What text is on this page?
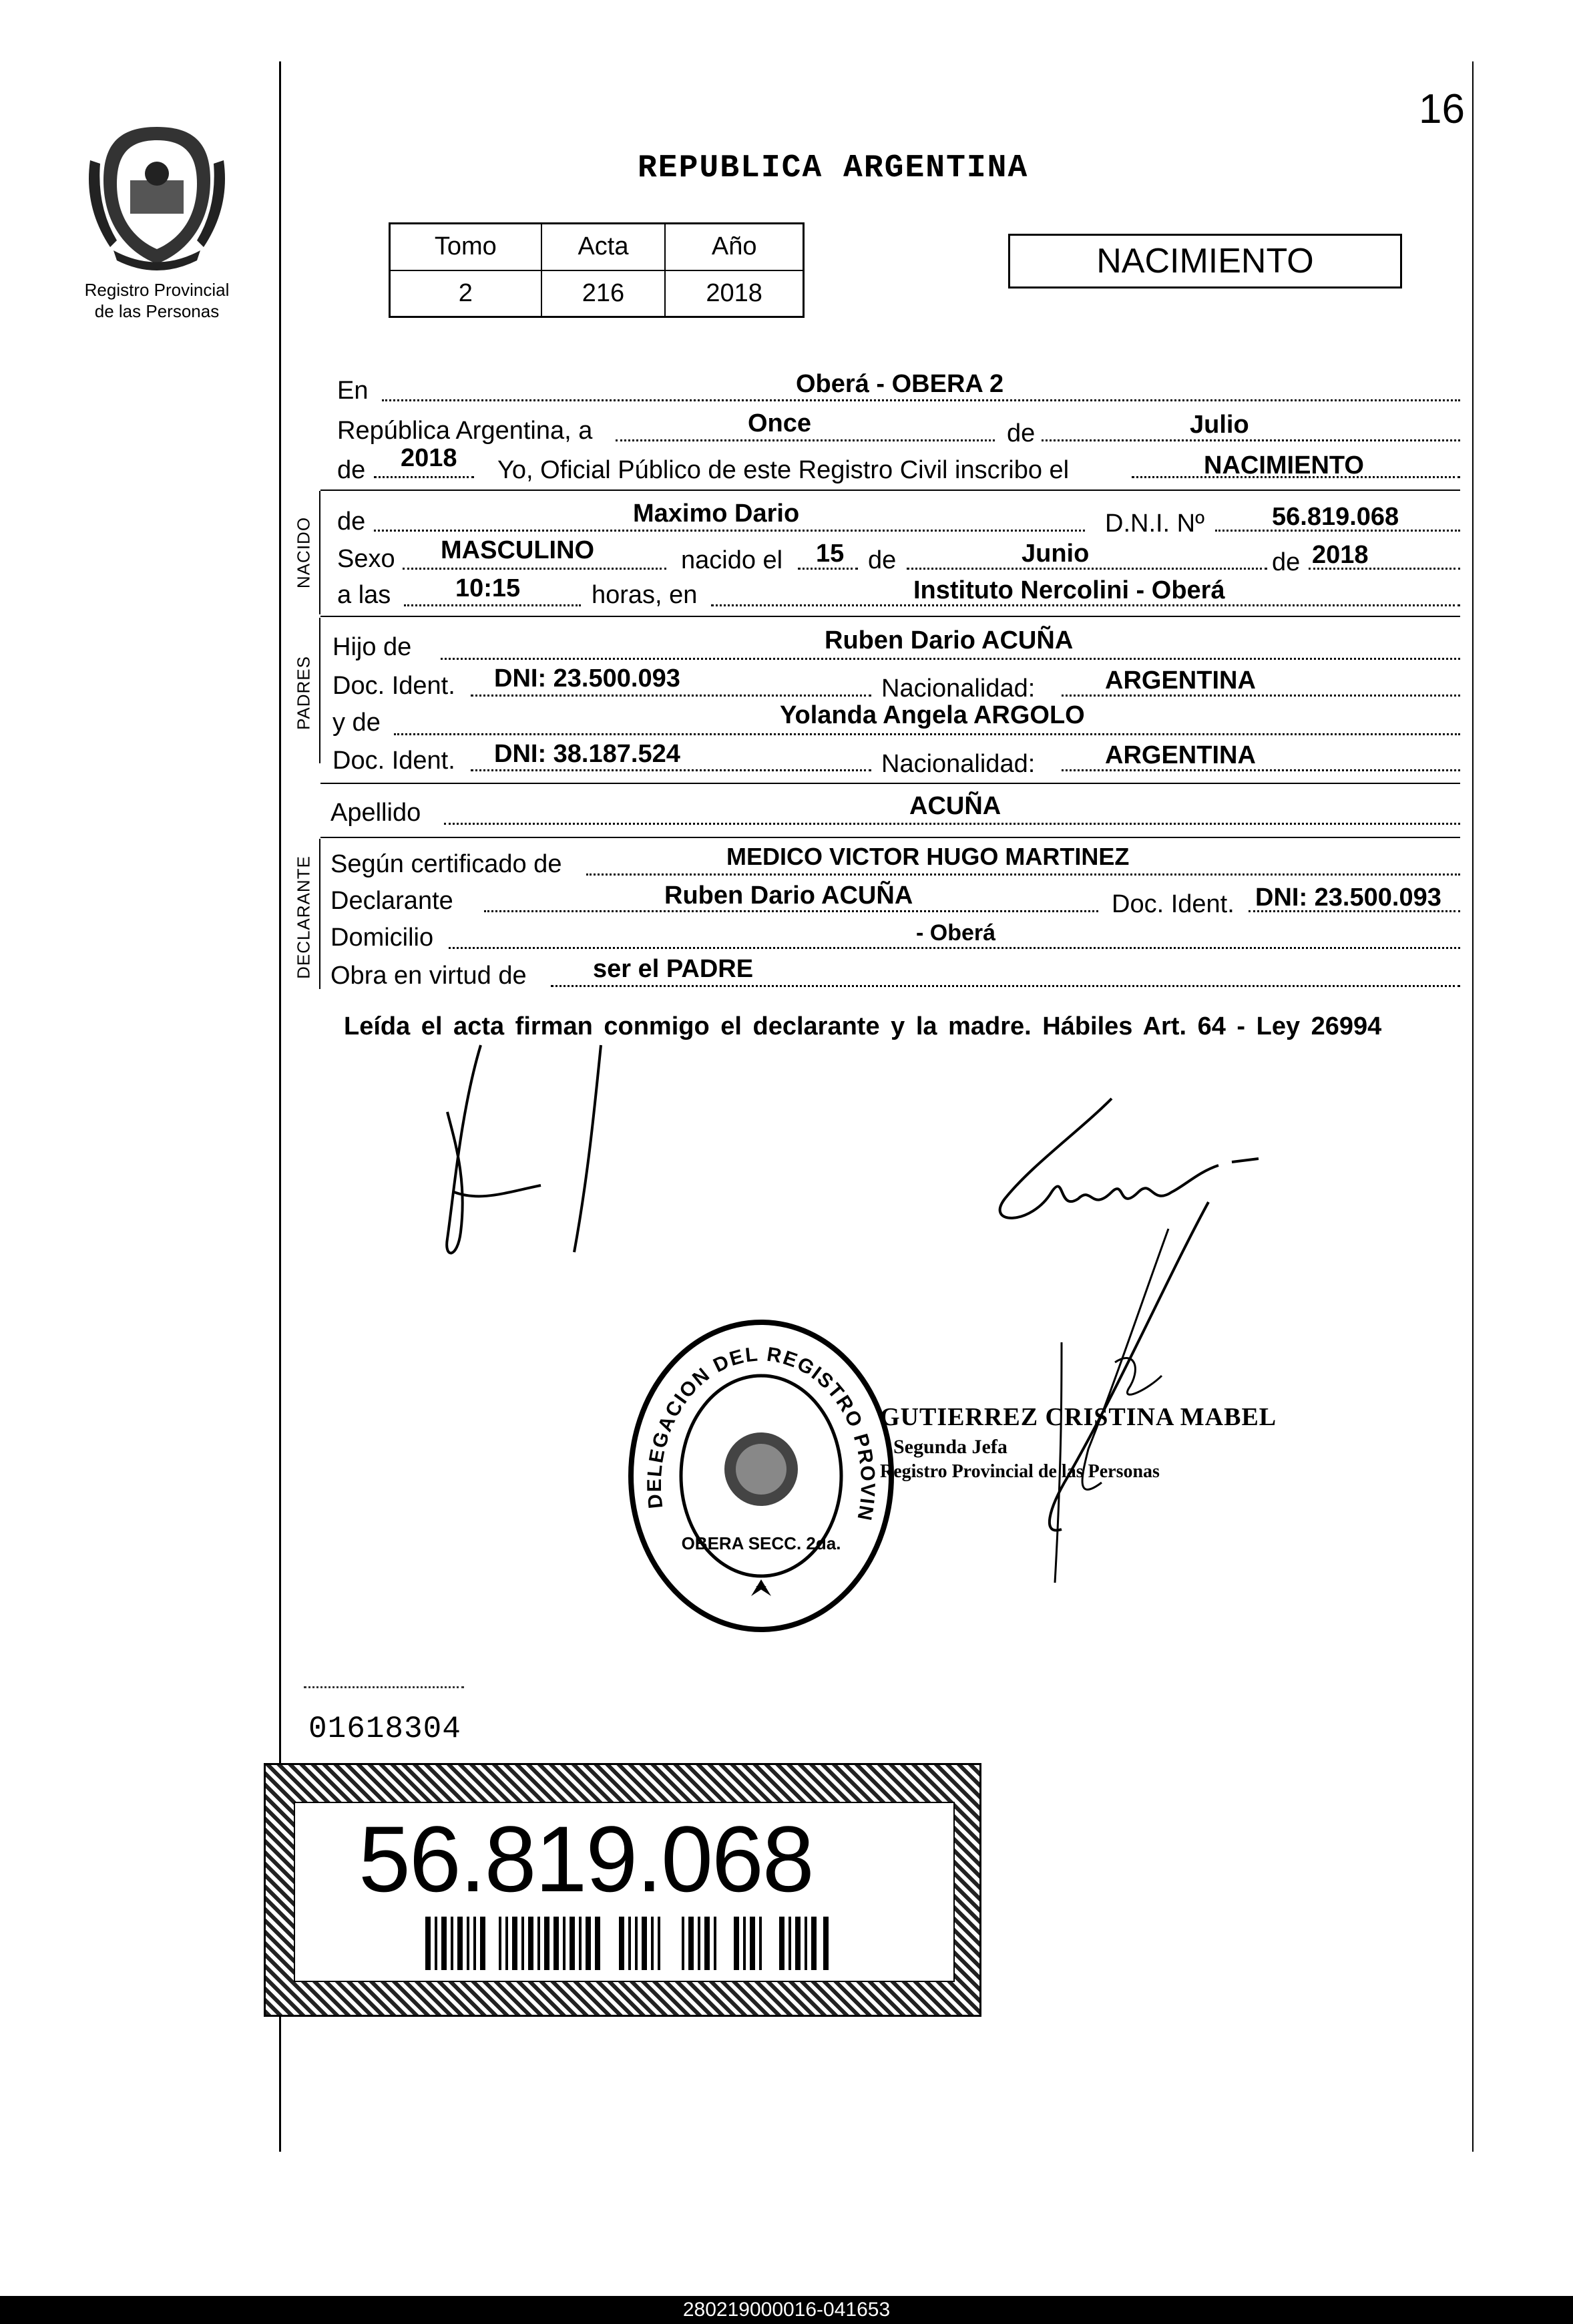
16
Registro Provincial
de las Personas
REPUBLICA ARGENTINA
Tomo	Acta	Año
2	216	2018
NACIMIENTO
En	Oberá - OBERA 2
República Argentina, a	Once	de	Julio
de 2018 Yo, Oficial Público de este Registro Civil inscribo el	NACIMIENTO
NACIDO de	Maximo Dario	D.N.I. Nº	56.819.068
Sexo MASCULINO	nacido el 15 de	Junio	de 2018
a las	10:15	horas, en	Instituto Nercolini - Oberá
PADRES
Hijo de	Ruben Dario ACUÑA
Doc. Ident. DNI: 23.500.093	Nacionalidad:	ARGENTINA
y de	Yolanda Angela ARGOLO
Doc. Ident. DNI: 38.187.524	Nacionalidad:	ARGENTINA
Apellido	ACUÑA
DECLARANTE Según certificado de	MEDICO VICTOR HUGO MARTINEZ
Declarante	Ruben Dario ACUÑA	Doc. Ident. DNI: 23.500.093
Domicilio	- Oberá
Obra en virtud de	ser el PADRE
Leída el acta firman conmigo el declarante y la madre. Hábiles Art. 64 - Ley 26994
DELEGACION DEL REGISTRO PROVIN
OBERA SECC. 2da.
GUTIERREZ CRISTINA MABEL
Segunda Jefa
Registro Provincial de las Personas
01618304
56.819.068
280219000016-041653
